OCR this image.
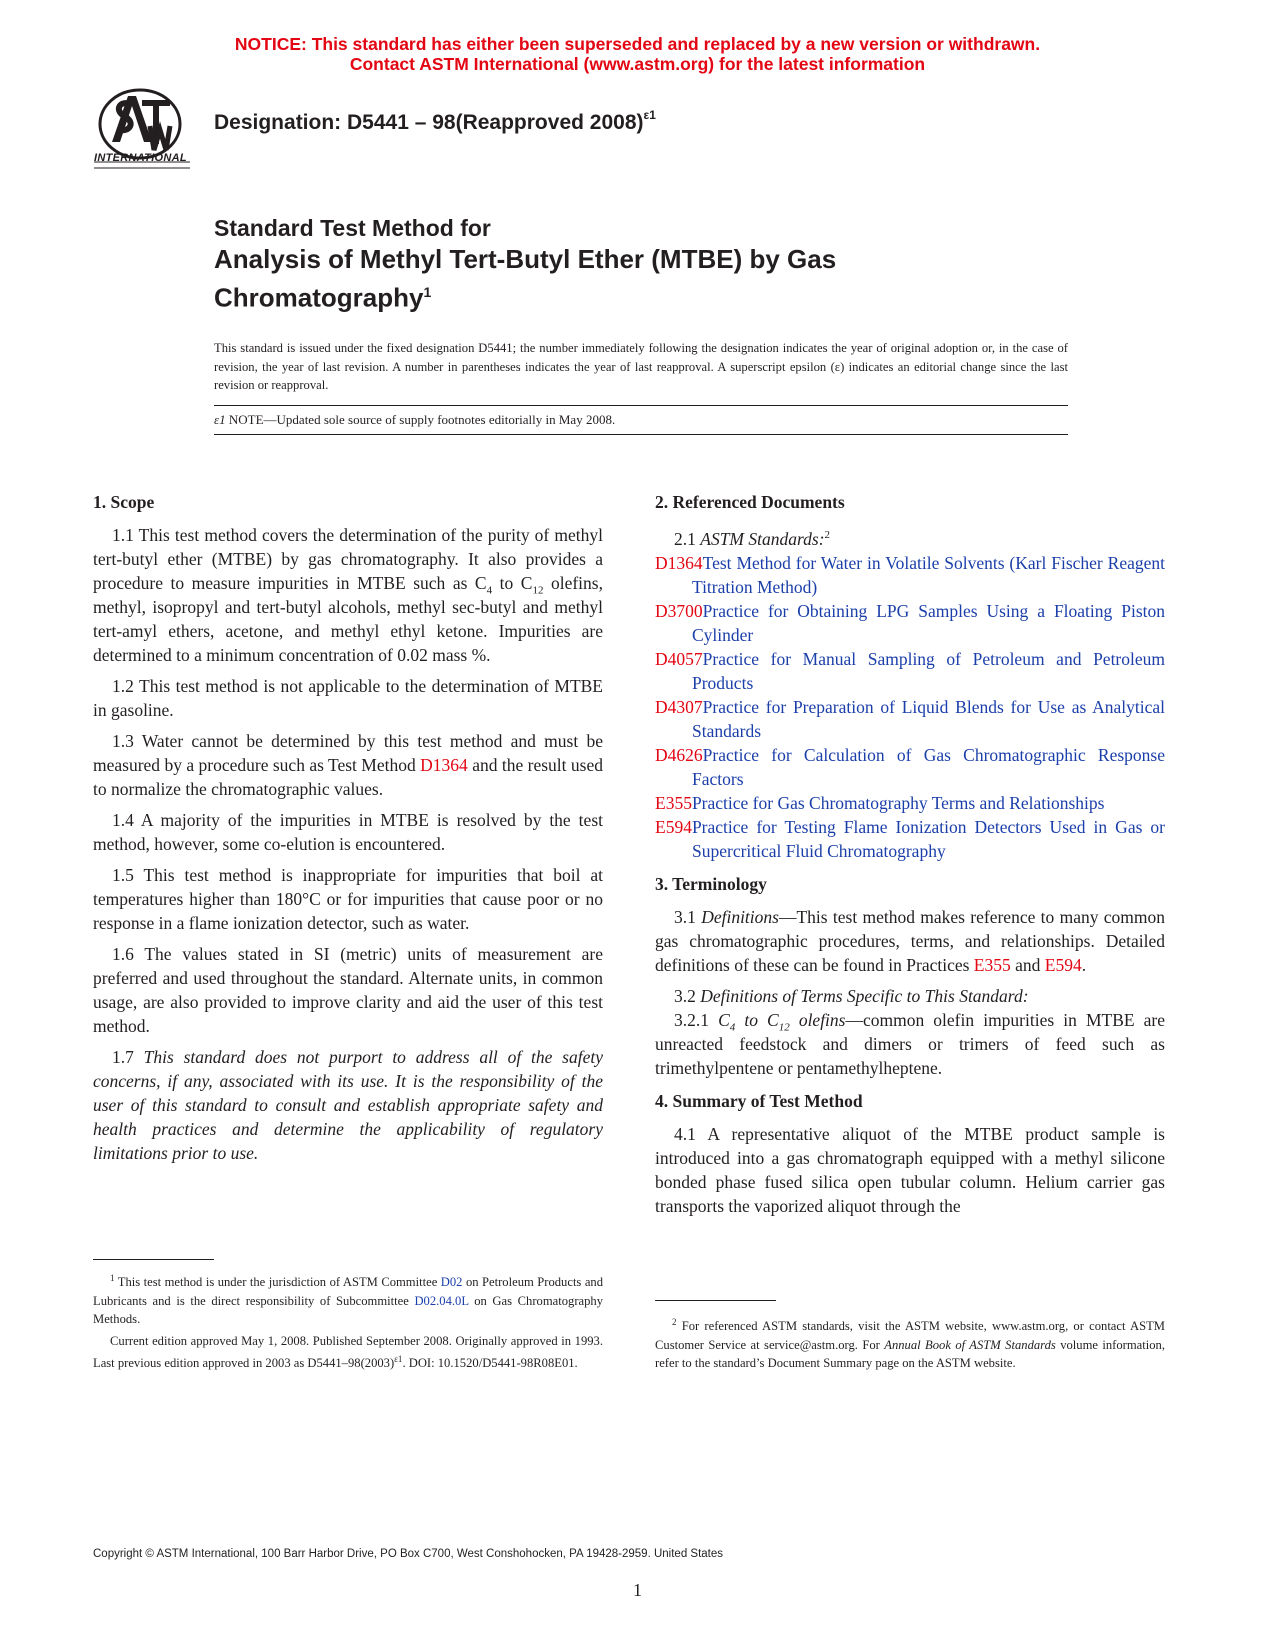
NOTICE: This standard has either been superseded and replaced by a new version or withdrawn.
Contact ASTM International (www.astm.org) for the latest information
INTERNATIONAL
Designation: D5441 – 98(Reapproved 2008)$^{\varepsilon 1}$
Standard Test Method for
Analysis of Methyl Tert-Butyl Ether (MTBE) by Gas
Chromatography$^1$
This standard is issued under the fixed designation D5441; the number immediately following the designation indicates the year of original adoption or, in the case of revision, the year of last revision. A number in parentheses indicates the year of last reapproval. A superscript epsilon (ε) indicates an editorial change since the last revision or reapproval.
ε1 NOTE—Updated sole source of supply footnotes editorially in May 2008.
1. Scope

1.1 This test method covers the determination of the purity of methyl tert-butyl ether (MTBE) by gas chromatography. It also provides a procedure to measure impurities in MTBE such as $C_4$ to $C_{12}$ olefins, methyl, isopropyl and tert-butyl alcohols, methyl sec-butyl and methyl tert-amyl ethers, acetone, and methyl ethyl ketone. Impurities are determined to a minimum concentration of 0.02 mass %.

1.2 This test method is not applicable to the determination of MTBE in gasoline.

1.3 Water cannot be determined by this test method and must be measured by a procedure such as Test Method D1364 and the result used to normalize the chromatographic values.

1.4 A majority of the impurities in MTBE is resolved by the test method, however, some co-elution is encountered.

1.5 This test method is inappropriate for impurities that boil at temperatures higher than 180°C or for impurities that cause poor or no response in a flame ionization detector, such as water.

1.6 The values stated in SI (metric) units of measurement are preferred and used throughout the standard. Alternate units, in common usage, are also provided to improve clarity and aid the user of this test method.

1.7 This standard does not purport to address all of the safety concerns, if any, associated with its use. It is the responsibility of the user of this standard to consult and establish appropriate safety and health practices and determine the applicability of regulatory limitations prior to use.

2. Referenced Documents

2.1 ASTM Standards:$^2$

D1364Test Method for Water in Volatile Solvents (Karl Fischer Reagent Titration Method)

D3700Practice for Obtaining LPG Samples Using a Floating Piston Cylinder

D4057Practice for Manual Sampling of Petroleum and Petroleum Products

D4307Practice for Preparation of Liquid Blends for Use as Analytical Standards

D4626Practice for Calculation of Gas Chromatographic Response Factors

E355Practice for Gas Chromatography Terms and Relationships

E594Practice for Testing Flame Ionization Detectors Used in Gas or Supercritical Fluid Chromatography

3. Terminology

3.1 Definitions—This test method makes reference to many common gas chromatographic procedures, terms, and relationships. Detailed definitions of these can be found in Practices E355 and E594.

3.2 Definitions of Terms Specific to This Standard:

3.2.1 $C_4$ to $C_{12}$ olefins—common olefin impurities in MTBE are unreacted feedstock and dimers or trimers of feed such as trimethylpentene or pentamethylheptene.

4. Summary of Test Method

4.1 A representative aliquot of the MTBE product sample is introduced into a gas chromatograph equipped with a methyl silicone bonded phase fused silica open tubular column. Helium carrier gas transports the vaporized aliquot through the

$^1$ This test method is under the jurisdiction of ASTM Committee D02 on Petroleum Products and Lubricants and is the direct responsibility of Subcommittee D02.04.0L on Gas Chromatography Methods.

Current edition approved May 1, 2008. Published September 2008. Originally approved in 1993. Last previous edition approved in 2003 as $D5441-98(2003)^{\varepsilon 1}$. DOI: 10.1520/D5441-98R08E01.

$^2$ For referenced ASTM standards, visit the ASTM website, www.astm.org, or contact ASTM Customer Service at service@astm.org. For Annual Book of ASTM Standards volume information, refer to the standard’s Document Summary page on the ASTM website.

Copyright © ASTM International, 100 Barr Harbor Drive, PO Box C700, West Conshohocken, PA 19428-2959. United States
1
